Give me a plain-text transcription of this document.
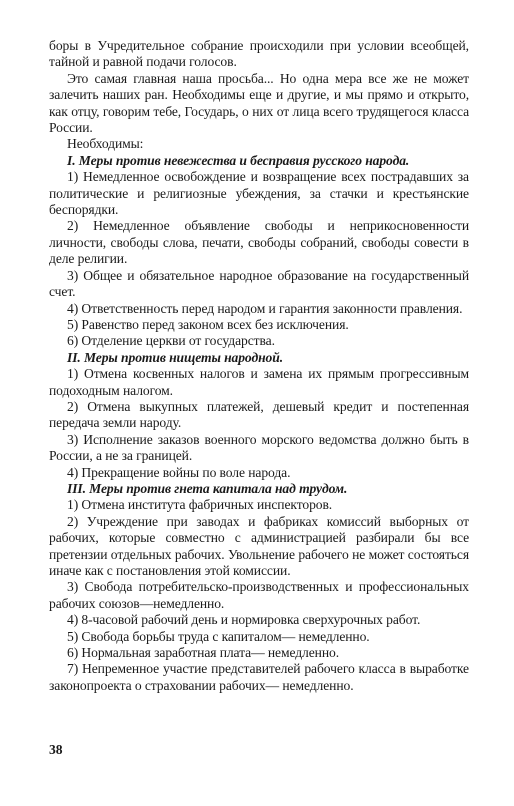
боры в Учредительное собрание происходили при условии всеобщей, тайной и равной подачи голосов.

Это самая главная наша просьба... Но одна мера все же не может залечить наших ран. Необходимы еще и другие, и мы прямо и открыто, как отцу, говорим тебе, Государь, о них от лица всего трудящегося класса России.

Необходимы:

I. Меры против невежества и бесправия русского народа.

1) Немедленное освобождение и возвращение всех пострадавших за политические и религиозные убеждения, за стачки и крестьянские беспорядки.

2) Немедленное объявление свободы и неприкосновенности личности, свободы слова, печати, свободы собраний, свободы совести в деле религии.

3) Общее и обязательное народное образование на государственный счет.

4) Ответственность перед народом и гарантия законности правления.

5) Равенство перед законом всех без исключения.

6) Отделение церкви от государства.

II. Меры против нищеты народной.

1) Отмена косвенных налогов и замена их прямым прогрессивным подоходным налогом.

2) Отмена выкупных платежей, дешевый кредит и постепенная передача земли народу.

3) Исполнение заказов военного морского ведомства должно быть в России, а не за границей.

4) Прекращение войны по воле народа.

III. Меры против гнета капитала над трудом.

1) Отмена института фабричных инспекторов.

2) Учреждение при заводах и фабриках комиссий выборных от рабочих, которые совместно с администрацией разбирали бы все претензии отдельных рабочих. Увольнение рабочего не может состояться иначе как с постановления этой комиссии.

3) Свобода потребительско-производственных и профессиональных рабочих союзов—немедленно.

4) 8-часовой рабочий день и нормировка сверхурочных работ.

5) Свобода борьбы труда с капиталом— немедленно.

6) Нормальная заработная плата— немедленно.

7) Непременное участие представителей рабочего класса в выработке законопроекта о страховании рабочих— немедленно.

38
